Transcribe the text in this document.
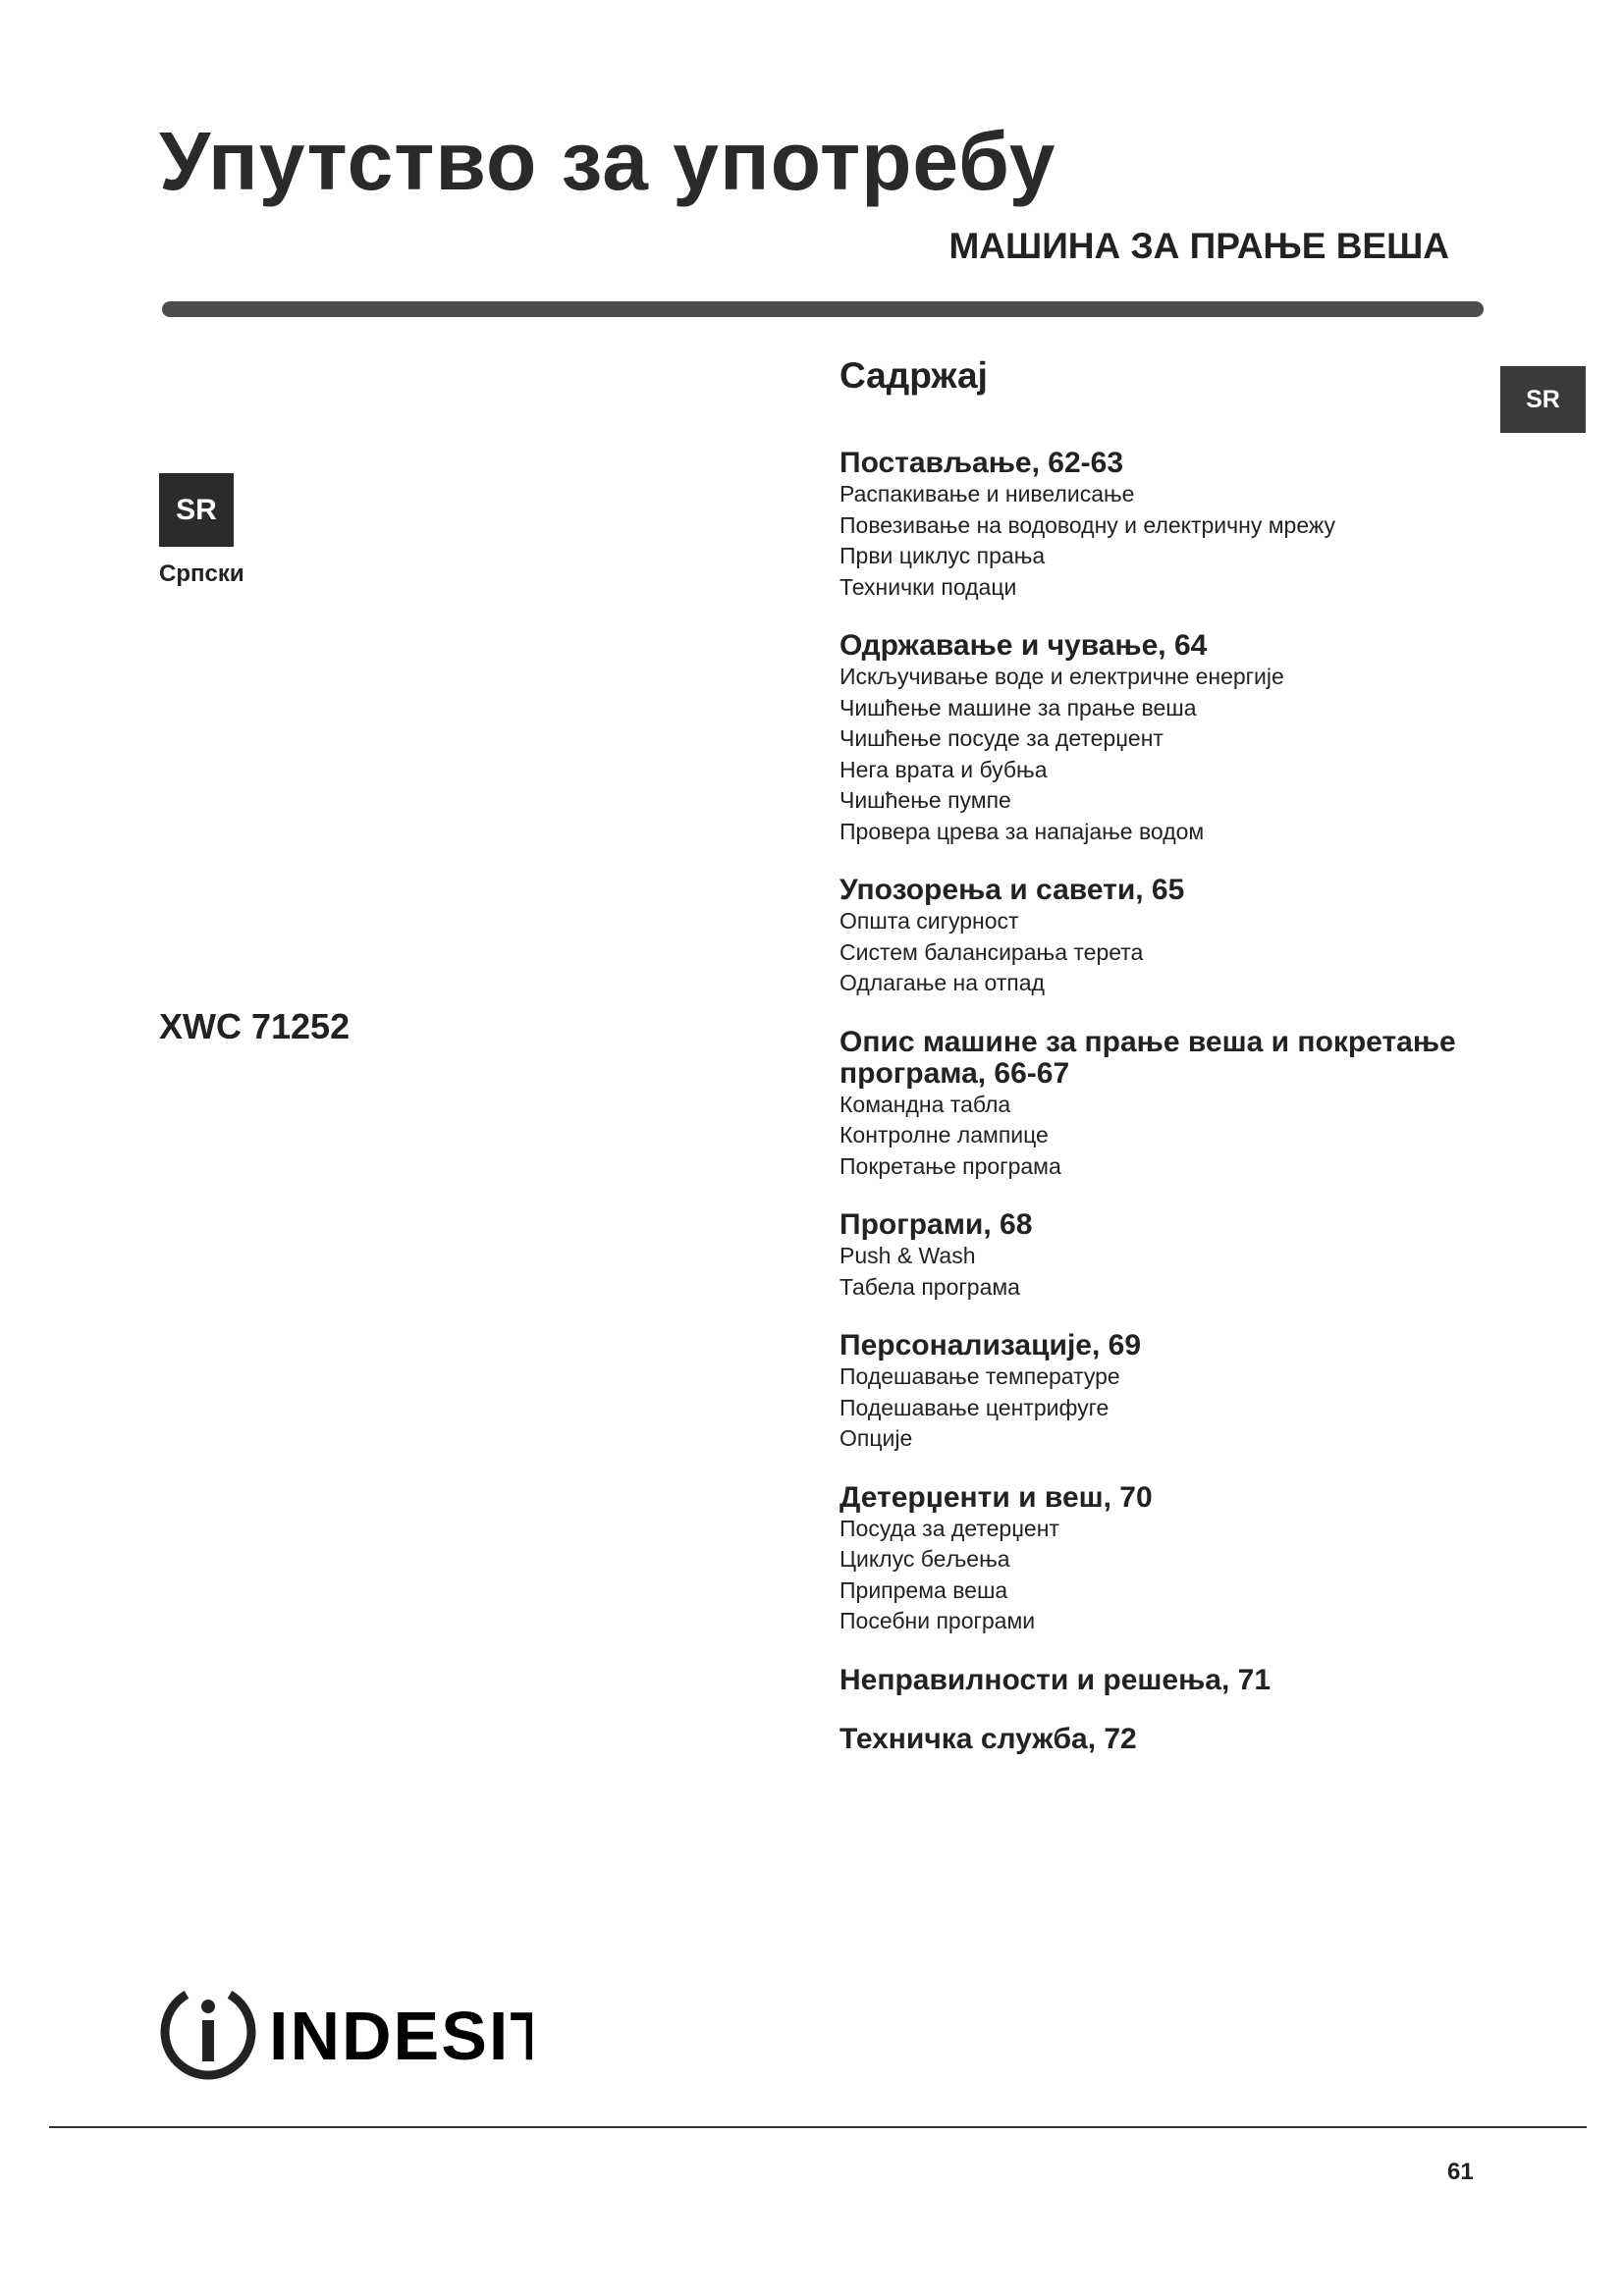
Упутство за употребу
МАШИНА ЗА ПРАЊЕ ВЕША
SR
Српски
SR
XWC 71252
Садржај
Постављање, 62-63
Распакивање и нивелисање
Повезивање на водоводну и електричну мрежу
Први циклус прања
Технички подаци
Одржавање и чување, 64
Искључивање воде и електричне енергије
Чишћење машине за прање веша
Чишћење посуде за детерџент
Нега врата и бубња
Чишћење пумпе
Провера црева за напајање водом
Упозорења и савети, 65
Општа сигурност
Систем балансирања терета
Одлагање на отпад
Опис машине за прање веша и покретање програма, 66-67
Командна табла
Контролне лампице
Покретање програма
Програми, 68
Push & Wash
Табела програма
Персонализације, 69
Подешавање температуре
Подешавање центрифуге
Опције
Детерџенти и веш, 70
Посуда за детерџент
Циклус бељења
Припрема веша
Посебни програми
Неправилности и решења, 71
Техничка служба, 72
INDESIT
61
